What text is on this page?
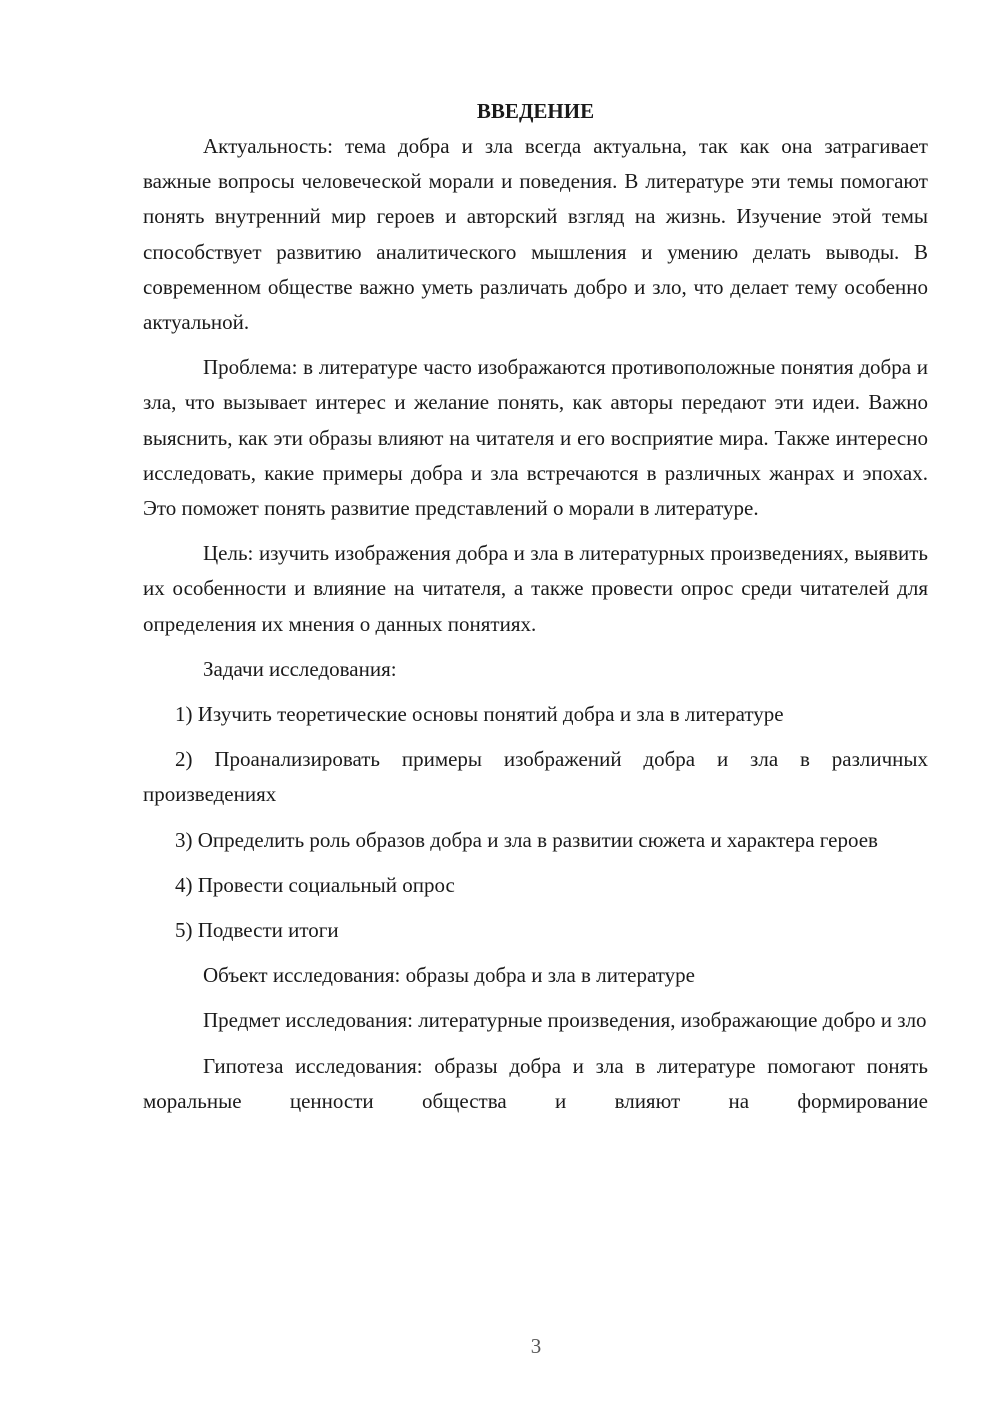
ВВЕДЕНИЕ

Актуальность: тема добра и зла всегда актуальна, так как она затрагивает важные вопросы человеческой морали и поведения. В литературе эти темы помогают понять внутренний мир героев и авторский взгляд на жизнь. Изучение этой темы способствует развитию аналитического мышления и умению делать выводы. В современном обществе важно уметь различать добро и зло, что делает тему особенно актуальной.

Проблема: в литературе часто изображаются противоположные понятия добра и зла, что вызывает интерес и желание понять, как авторы передают эти идеи. Важно выяснить, как эти образы влияют на читателя и его восприятие мира. Также интересно исследовать, какие примеры добра и зла встречаются в различных жанрах и эпохах. Это поможет понять развитие представлений о морали в литературе.

Цель: изучить изображения добра и зла в литературных произведениях, выявить их особенности и влияние на читателя, а также провести опрос среди читателей для определения их мнения о данных понятиях.

Задачи исследования:

1) Изучить теоретические основы понятий добра и зла в литературе

2) Проанализировать примеры изображений добра и зла в различных произведениях

3) Определить роль образов добра и зла в развитии сюжета и характера героев

4) Провести социальный опрос

5) Подвести итоги

Объект исследования: образы добра и зла в литературе

Предмет исследования: литературные произведения, изображающие добро и зло

Гипотеза исследования: образы добра и зла в литературе помогают понять моральные ценности общества и влияют на формирование

3
